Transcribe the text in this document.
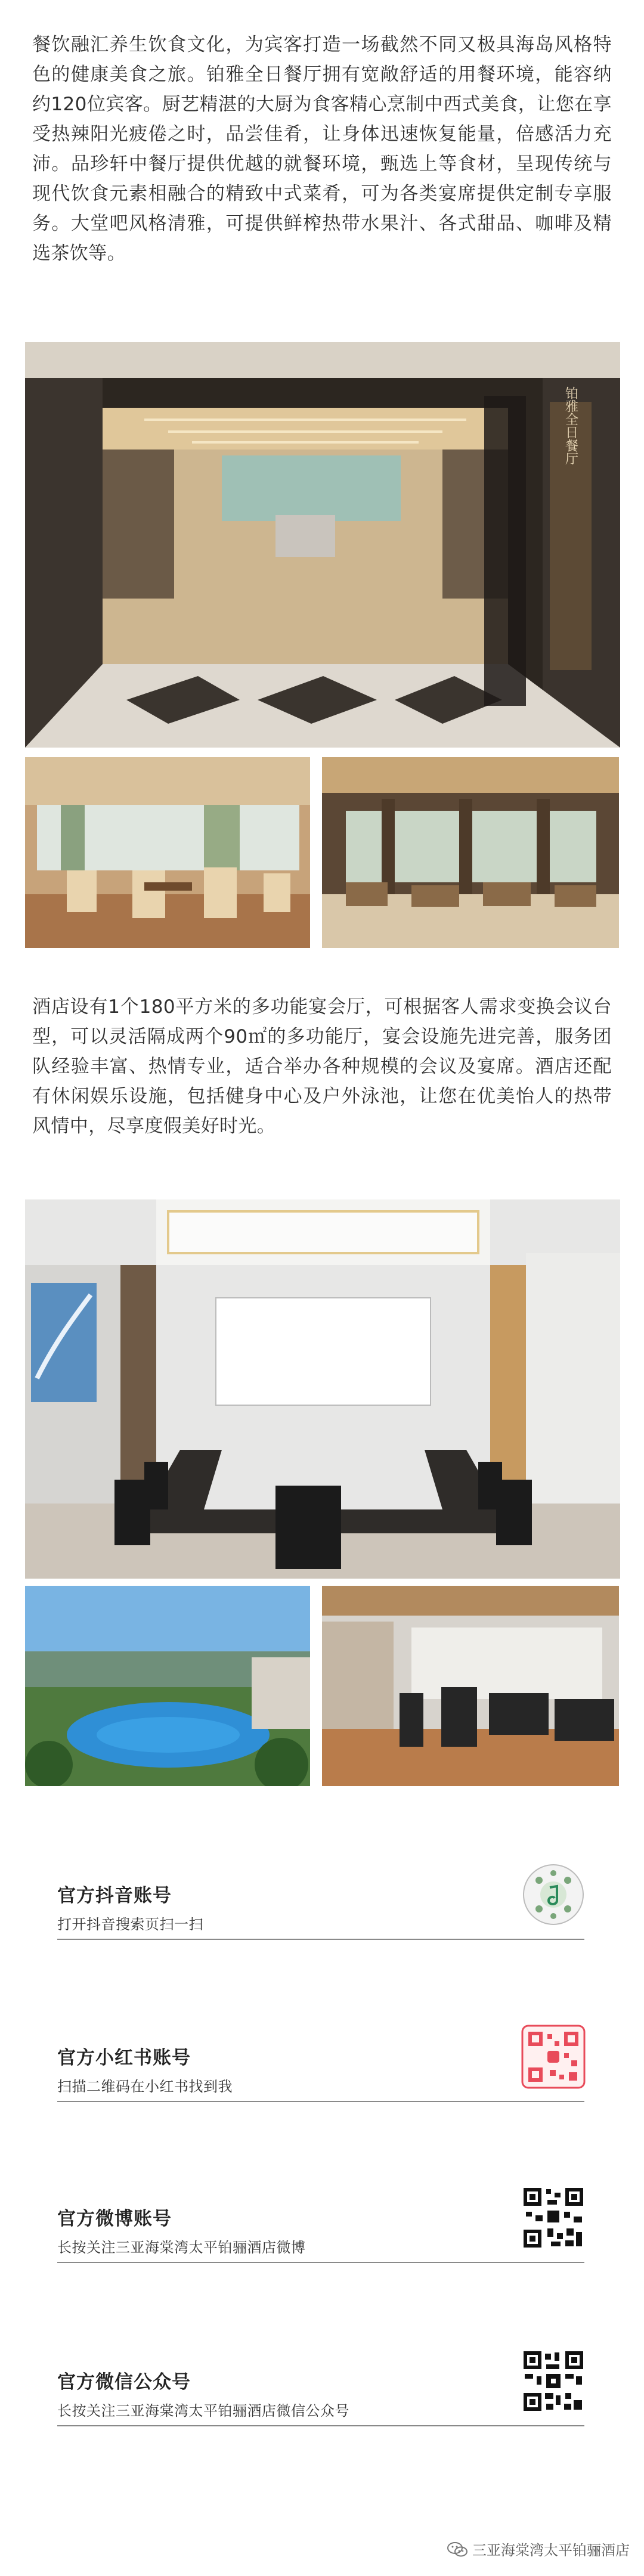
餐饮融汇养生饮食文化，为宾客打造一场截然不同又极具海岛风格特色的健康美食之旅。铂雅全日餐厅拥有宽敞舒适的用餐环境，能容纳约120位宾客。厨艺精湛的大厨为食客精心烹制中西式美食，让您在享受热辣阳光疲倦之时，品尝佳肴，让身体迅速恢复能量，倍感活力充沛。品珍轩中餐厅提供优越的就餐环境，甄选上等食材，呈现传统与现代饮食元素相融合的精致中式菜肴，可为各类宴席提供定制专享服务。大堂吧风格清雅，可提供鲜榨热带水果汁、各式甜品、咖啡及精选茶饮等。

铂雅全日餐厅

酒店设有1个180平方米的多功能宴会厅，可根据客人需求变换会议台型，可以灵活隔成两个90㎡的多功能厅，宴会设施先进完善，服务团队经验丰富、热情专业，适合举办各种规模的会议及宴席。酒店还配有休闲娱乐设施，包括健身中心及户外泳池，让您在优美怡人的热带风情中，尽享度假美好时光。

官方抖音账号
打开抖音搜索页扫一扫
官方小红书账号
扫描二维码在小红书找到我
官方微博账号
长按关注三亚海棠湾太平铂骊酒店微博
官方微信公众号
长按关注三亚海棠湾太平铂骊酒店微信公众号
三亚海棠湾太平铂骊酒店
